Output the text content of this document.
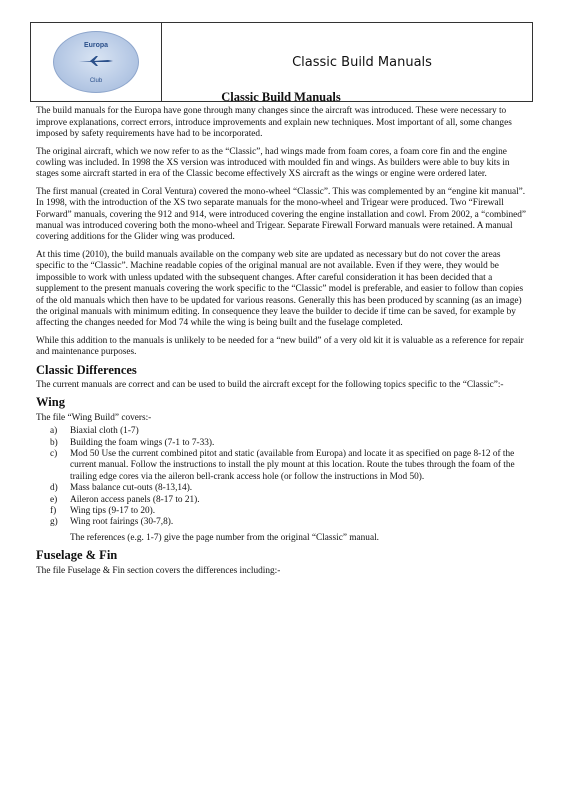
Europa
Club
Classic Build Manuals
Classic Build Manuals

The build manuals for the Europa have gone through many changes since the aircraft was introduced. These were necessary to improve explanations, correct errors, introduce improvements and explain new techniques. Most important of all, some changes imposed by safety requirements have had to be incorporated.

The original aircraft, which we now refer to as the “Classic”, had wings made from foam cores, a foam core fin and the engine cowling was included. In 1998 the XS version was introduced with moulded fin and wings. As builders were able to buy kits in stages some aircraft started in era of the Classic become effectively XS aircraft as the wings or engine were ordered later.

The first manual (created in Coral Ventura) covered the mono-wheel “Classic”. This was complemented by an “engine kit manual”. In 1998, with the introduction of the XS two separate manuals for the mono-wheel and Trigear were produced. Two “Firewall Forward” manuals, covering the 912 and 914, were introduced covering the engine installation and cowl. From 2002, a “combined” manual was introduced covering both the mono-wheel and Trigear. Separate Firewall Forward manuals were retained. A manual covering additions for the Glider wing was produced.

At this time (2010), the build manuals available on the company web site are updated as necessary but do not cover the areas specific to the “Classic”. Machine readable copies of the original manual are not available. Even if they were, they would be impossible to work with unless updated with the subsequent changes. After careful consideration it has been decided that a supplement to the present manuals covering the work specific to the “Classic” model is preferable, and easier to follow than copies of the old manuals which then have to be updated for various reasons. Generally this has been produced by scanning (as an image) the original manuals with minimum editing. In consequence they leave the builder to decide if time can be saved, for example by affecting the changes needed for Mod 74 while the wing is being built and the fuselage completed.

While this addition to the manuals is unlikely to be needed for a “new build” of a very old kit it is valuable as a reference for repair and maintenance purposes.

Classic Differences

The current manuals are correct and can be used to build the aircraft except for the following topics specific to the “Classic”:-

Wing

The file “Wing Build” covers:-

a) Biaxial cloth (1-7)
b) Building the foam wings (7-1 to 7-33).
c) Mod 50 Use the current combined pitot and static (available from Europa) and locate it as specified on page 8-12 of the current manual. Follow the instructions to install the ply mount at this location. Route the tubes through the foam of the trailing edge cores via the aileron bell-crank access hole (or follow the instructions in Mod 50).
d) Mass balance cut-outs (8-13,14).
e) Aileron access panels (8-17 to 21).
f) Wing tips (9-17 to 20).
g) Wing root fairings (30-7,8).

The references (e.g. 1-7) give the page number from the original “Classic” manual.

Fuselage & Fin

The file Fuselage & Fin section covers the differences including:-
